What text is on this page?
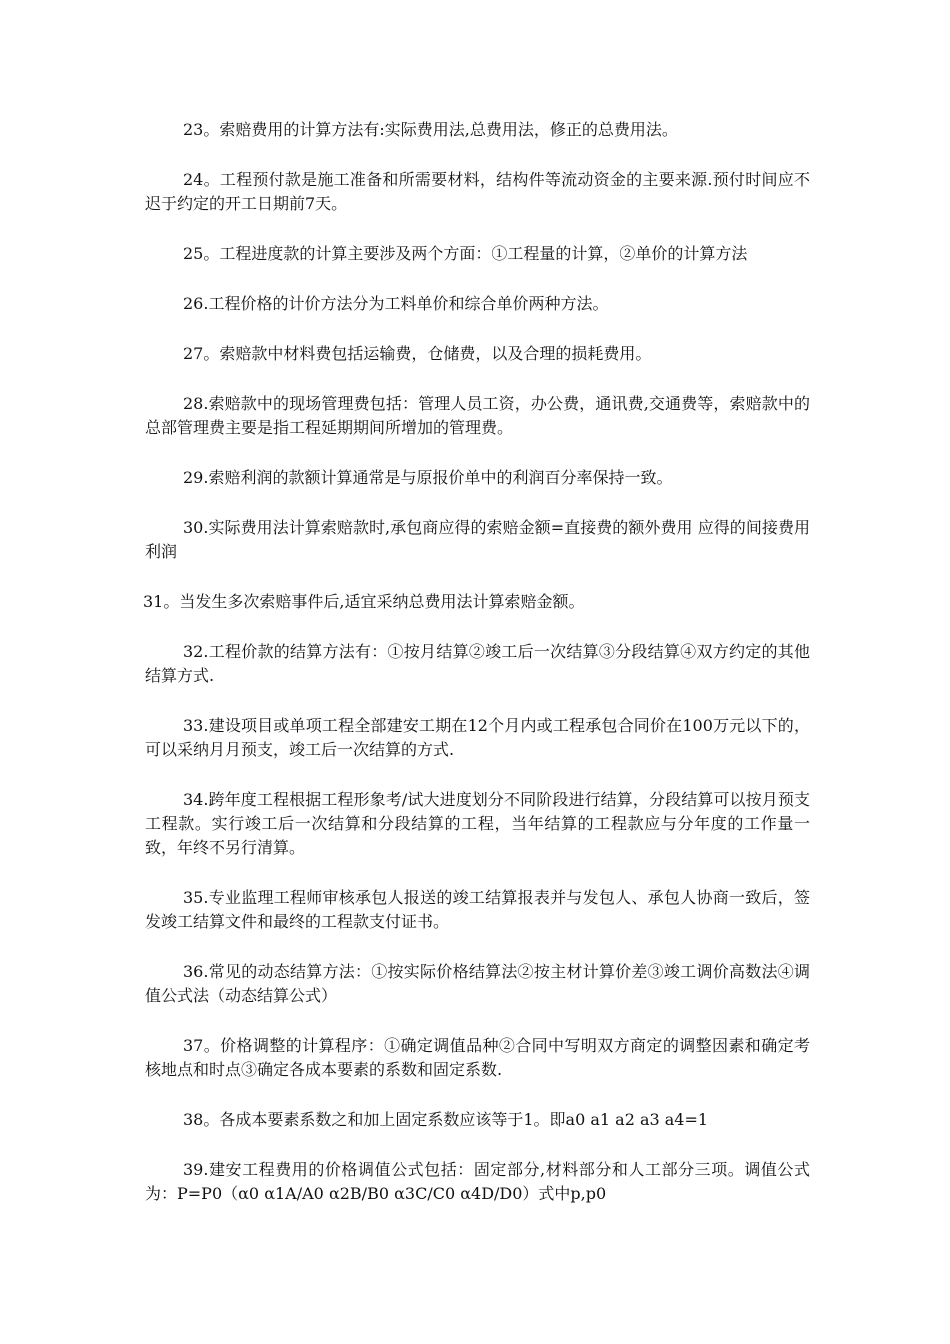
23。索赔费用的计算方法有:实际费用法,总费用法，修正的总费用法。

24。工程预付款是施工准备和所需要材料，结构件等流动资金的主要来源.预付时间应不迟于约定的开工日期前7天。

25。工程进度款的计算主要涉及两个方面：①工程量的计算，②单价的计算方法

26.工程价格的计价方法分为工料单价和综合单价两种方法。

27。索赔款中材料费包括运输费，仓储费，以及合理的损耗费用。

28.索赔款中的现场管理费包括：管理人员工资，办公费，通讯费,交通费等，索赔款中的总部管理费主要是指工程延期期间所增加的管理费。

29.索赔利润的款额计算通常是与原报价单中的利润百分率保持一致。

30.实际费用法计算索赔款时,承包商应得的索赔金额=直接费的额外费用 应得的间接费用 利润

31。当发生多次索赔事件后,适宜采纳总费用法计算索赔金额。

32.工程价款的结算方法有：①按月结算②竣工后一次结算③分段结算④双方约定的其他结算方式.

33.建设项目或单项工程全部建安工期在12个月内或工程承包合同价在100万元以下的，可以采纳月月预支，竣工后一次结算的方式.

34.跨年度工程根据工程形象考/试大进度划分不同阶段进行结算，分段结算可以按月预支工程款。实行竣工后一次结算和分段结算的工程，当年结算的工程款应与分年度的工作量一致，年终不另行清算。

35.专业监理工程师审核承包人报送的竣工结算报表并与发包人、承包人协商一致后，签发竣工结算文件和最终的工程款支付证书。

36.常见的动态结算方法：①按实际价格结算法②按主材计算价差③竣工调价高数法④调值公式法（动态结算公式）

37。价格调整的计算程序：①确定调值品种②合同中写明双方商定的调整因素和确定考核地点和时点③确定各成本要素的系数和固定系数.

38。各成本要素系数之和加上固定系数应该等于1。即a0 a1 a2 a3 a4=1

39.建安工程费用的价格调值公式包括：固定部分,材料部分和人工部分三项。调值公式为：P=P0（α0 α1A/A0 α2B/B0 α3C/C0 α4D/D0）式中p,p0
